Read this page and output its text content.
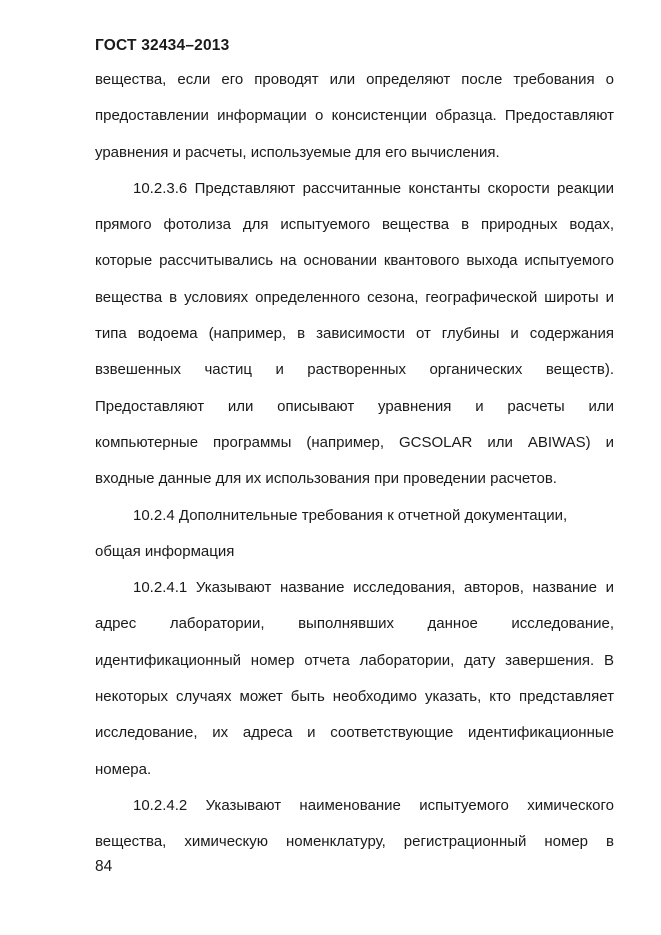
ГОСТ 32434–2013
вещества, если его проводят или определяют после требования о
предоставлении информации о консистенции образца. Предоставляют
уравнения и расчеты, используемые для его вычисления.
10.2.3.6 Представляют рассчитанные константы скорости реакции
прямого фотолиза для испытуемого вещества в природных водах,
которые рассчитывались на основании квантового выхода испытуемого
вещества в условиях определенного сезона, географической широты и
типа водоема (например, в зависимости от глубины и содержания
взвешенных частиц и растворенных органических веществ).
Предоставляют или описывают уравнения и расчеты или
компьютерные программы (например, GCSOLAR или ABIWAS) и
входные данные для их использования при проведении расчетов.
10.2.4 Дополнительные требования к отчетной документации,
общая информация
10.2.4.1 Указывают название исследования, авторов, название и
адрес лаборатории, выполнявших данное исследование,
идентификационный номер отчета лаборатории, дату завершения. В
некоторых случаях может быть необходимо указать, кто представляет
исследование, их адреса и соответствующие идентификационные
номера.
10.2.4.2 Указывают наименование испытуемого химического
вещества, химическую номенклатуру, регистрационный номер в
84
